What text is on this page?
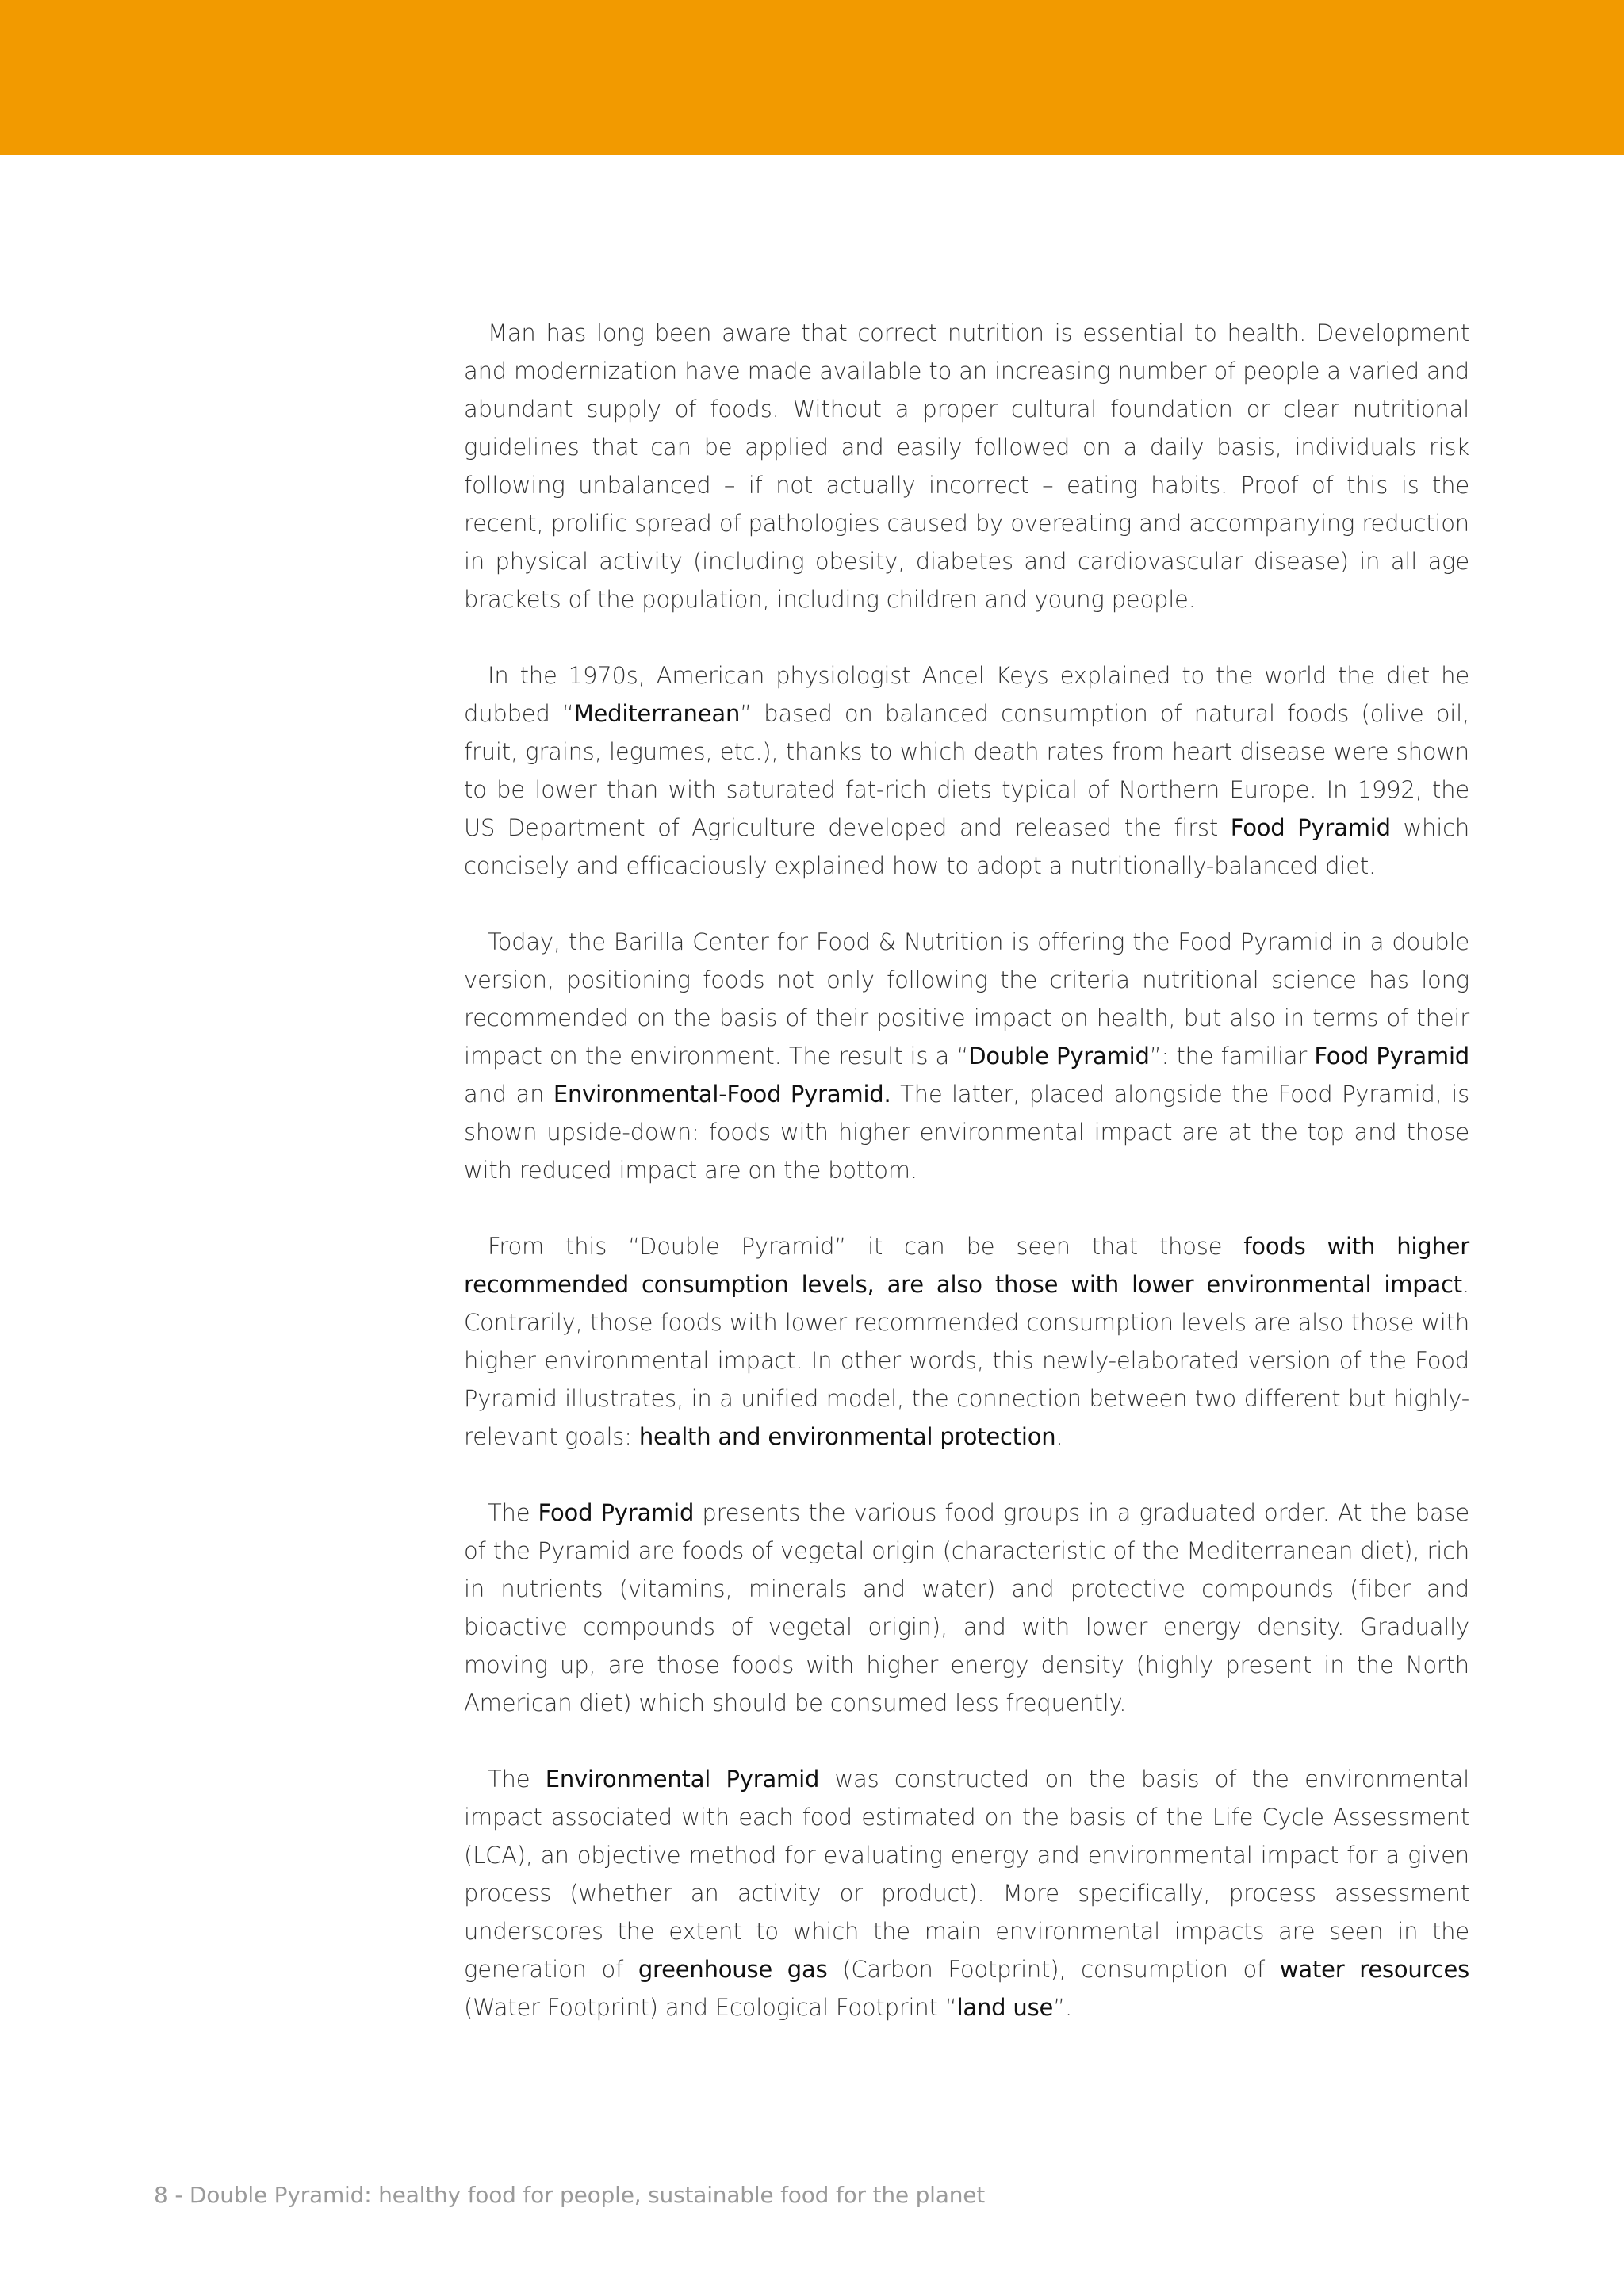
Man has long been aware that correct nutrition is essential to health. Development and modernization have made available to an increasing number of people a varied and abundant supply of foods. Without a proper cultural foundation or clear nutritional guidelines that can be applied and easily followed on a daily basis, individuals risk following unbalanced – if not actually incorrect – eating habits. Proof of this is the recent, prolific spread of pathologies caused by overeating and accompanying reduction in physical activity (including obesity, diabetes and cardiovascular disease) in all age brackets of the population, including children and young people.

In the 1970s, American physiologist Ancel Keys explained to the world the diet he dubbed “Mediterranean” based on balanced consumption of natural foods (olive oil, fruit, grains, legumes, etc.), thanks to which death rates from heart disease were shown to be lower than with saturated fat-rich diets typical of Northern Europe. In 1992, the US Department of Agriculture developed and released the first Food Pyramid which concisely and efficaciously explained how to adopt a nutritionally-balanced diet.

Today, the Barilla Center for Food & Nutrition is offering the Food Pyramid in a double version, positioning foods not only following the criteria nutritional science has long recommended on the basis of their positive impact on health, but also in terms of their impact on the environment. The result is a “Double Pyramid”: the familiar Food Pyramid and an Environmental-Food Pyramid. The latter, placed alongside the Food Pyramid, is shown upside-down: foods with higher environmental impact are at the top and those with reduced impact are on the bottom.

From this “Double Pyramid” it can be seen that those foods with higher recommended consumption levels, are also those with lower environmental impact. Contrarily, those foods with lower recommended consumption levels are also those with higher environmental impact. In other words, this newly-elaborated version of the Food Pyramid illustrates, in a unified model, the connection between two different but highly-relevant goals: health and environmental protection.

The Food Pyramid presents the various food groups in a graduated order. At the base of the Pyramid are foods of vegetal origin (characteristic of the Mediterranean diet), rich in nutrients (vitamins, minerals and water) and protective compounds (fiber and bioactive compounds of vegetal origin), and with lower energy density. Gradually moving up, are those foods with higher energy density (highly present in the North American diet) which should be consumed less frequently.

The Environmental Pyramid was constructed on the basis of the environmental impact associated with each food estimated on the basis of the Life Cycle Assessment (LCA), an objective method for evaluating energy and environmental impact for a given process (whether an activity or product). More specifically, process assessment underscores the extent to which the main environmental impacts are seen in the generation of greenhouse gas (Carbon Footprint), consumption of water resources (Water Footprint) and Ecological Footprint “land use”.

8 - Double Pyramid: healthy food for people, sustainable food for the planet
